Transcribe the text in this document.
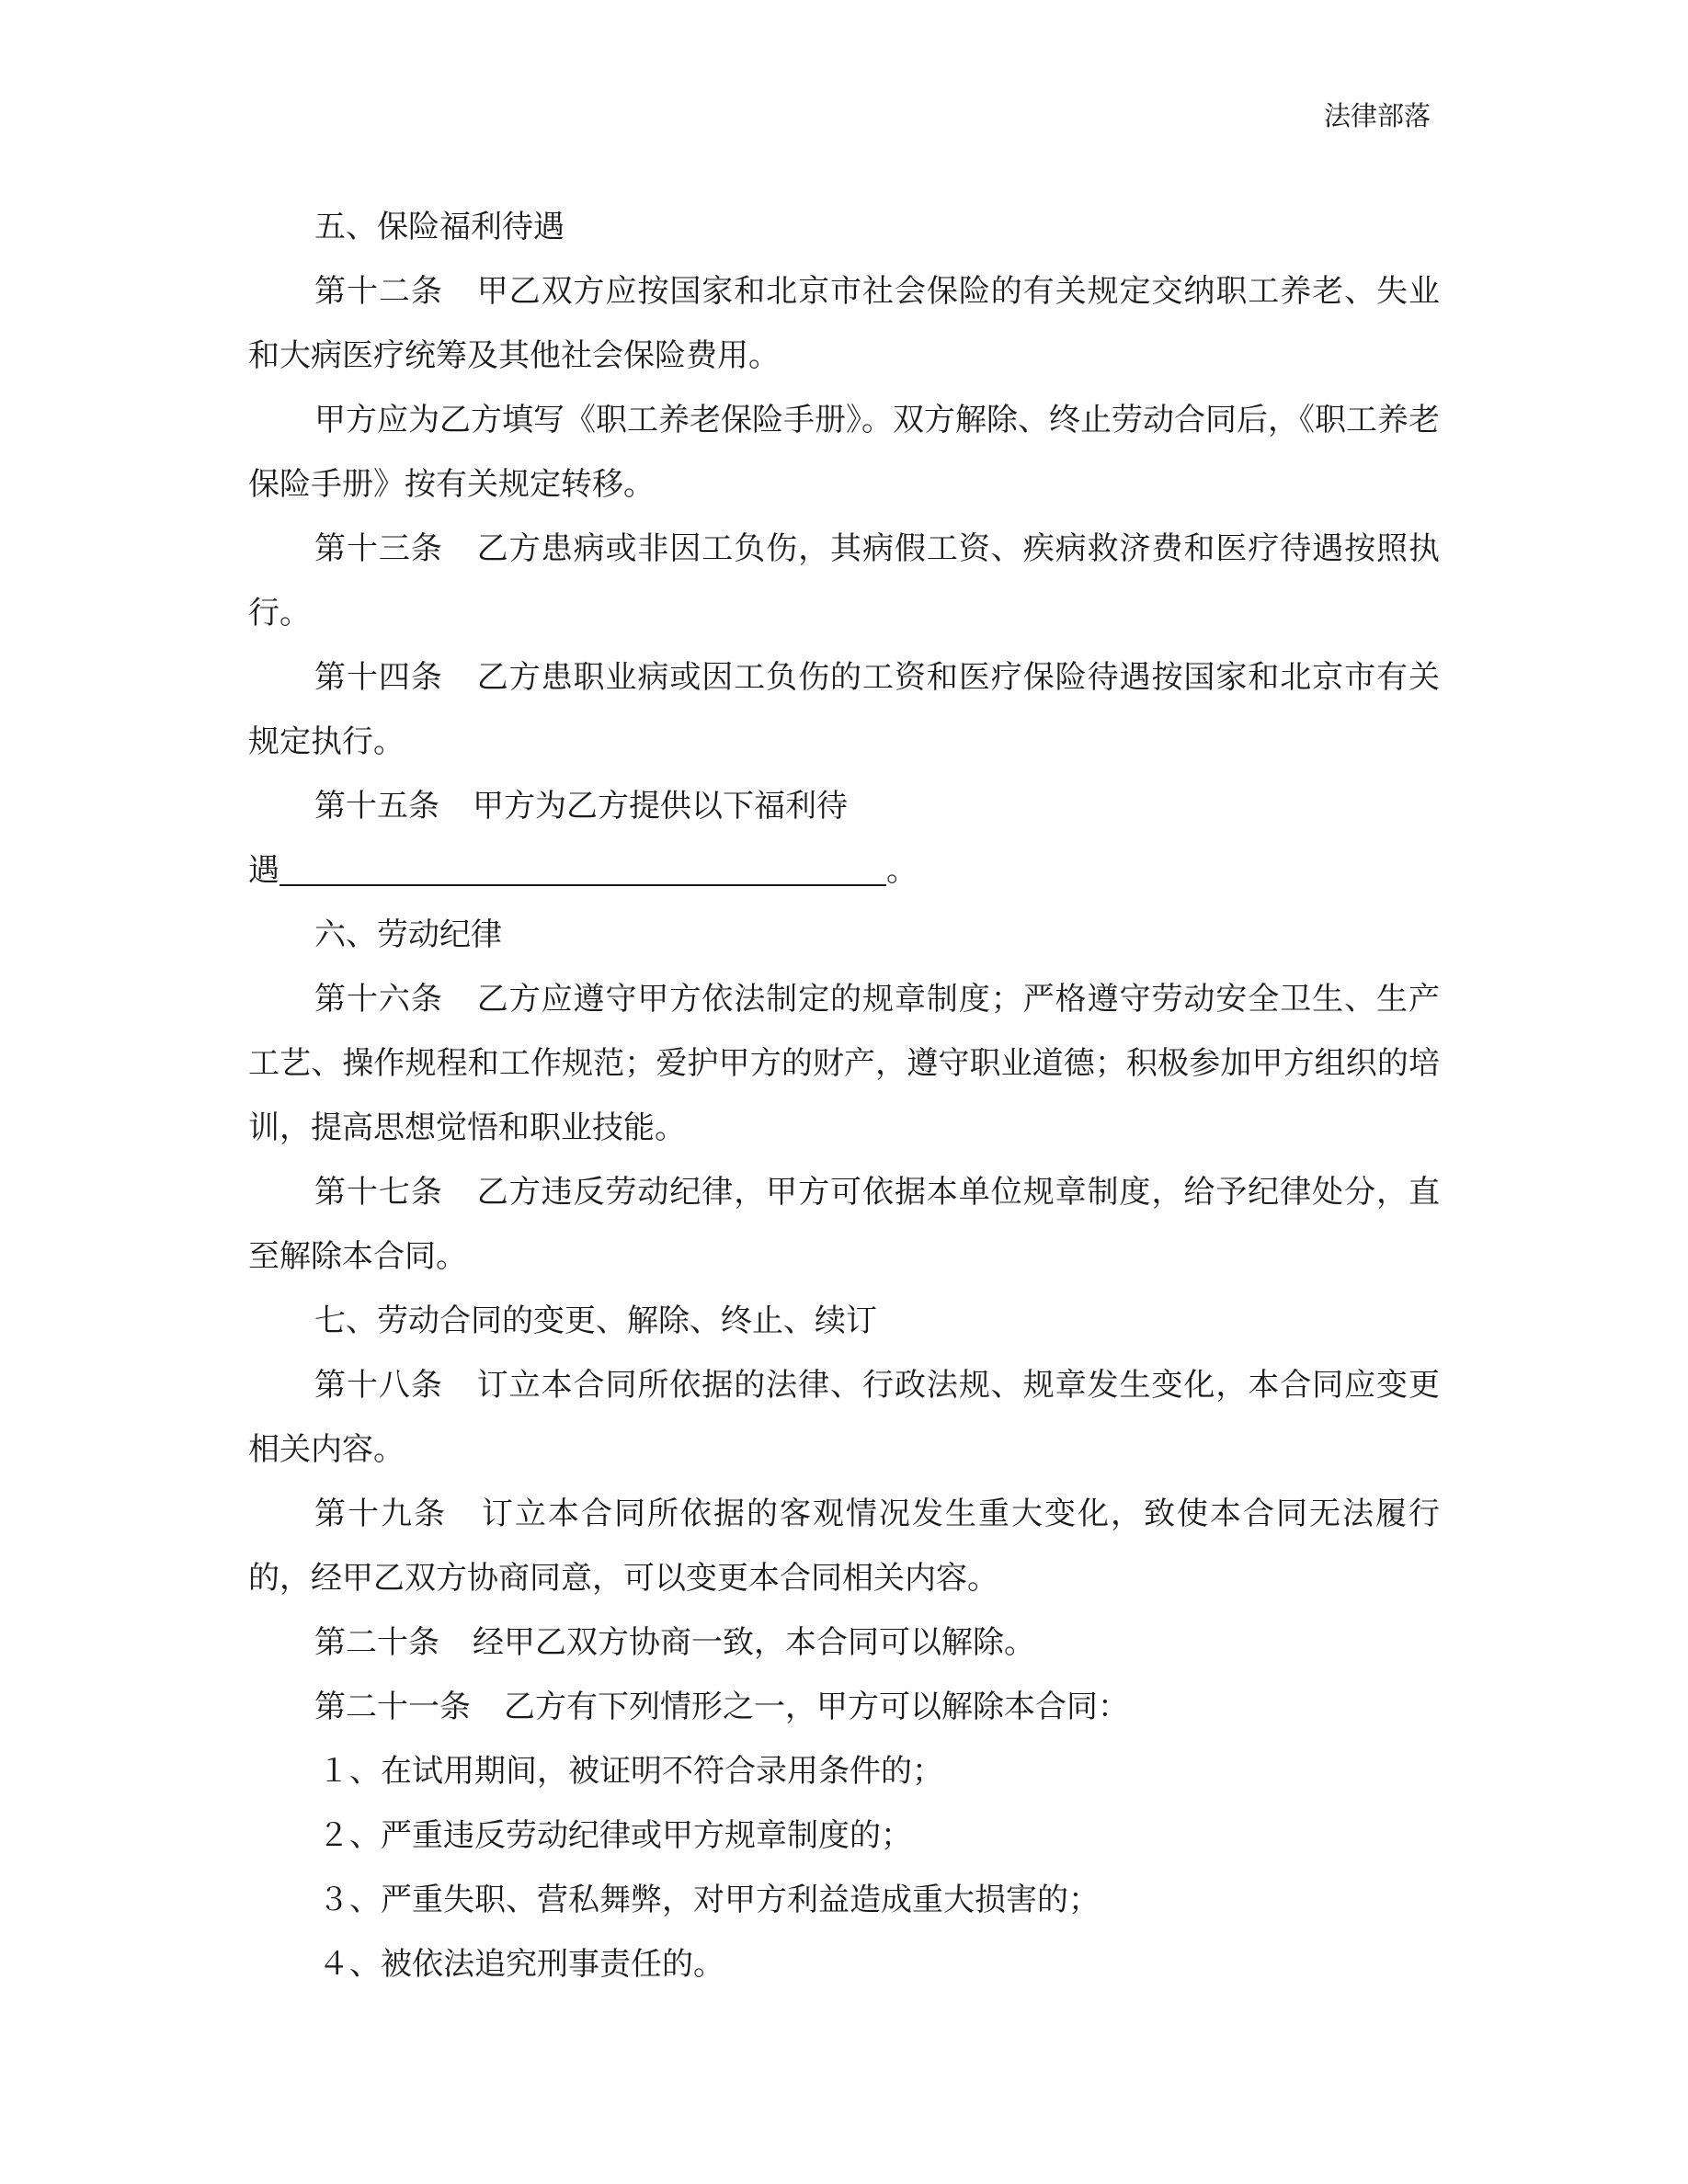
法律部落

五、保险福利待遇

第十二条 甲乙双方应按国家和北京市社会保险的有关规定交纳职工养老、失业和大病医疗统筹及其他社会保险费用。

甲方应为乙方填写《职工养老保险手册》。双方解除、终止劳动合同后，《职工养老保险手册》按有关规定转移。

第十三条 乙方患病或非因工负伤，其病假工资、疾病救济费和医疗待遇按照执行。

第十四条 乙方患职业病或因工负伤的工资和医疗保险待遇按国家和北京市有关规定执行。

第十五条 甲方为乙方提供以下福利待

遇	。

六、劳动纪律

第十六条 乙方应遵守甲方依法制定的规章制度；严格遵守劳动安全卫生、生产工艺、操作规程和工作规范；爱护甲方的财产，遵守职业道德；积极参加甲方组织的培训，提高思想觉悟和职业技能。

第十七条 乙方违反劳动纪律，甲方可依据本单位规章制度，给予纪律处分，直至解除本合同。

七、劳动合同的变更、解除、终止、续订

第十八条 订立本合同所依据的法律、行政法规、规章发生变化，本合同应变更相关内容。

第十九条 订立本合同所依据的客观情况发生重大变化，致使本合同无法履行的，经甲乙双方协商同意，可以变更本合同相关内容。

第二十条 经甲乙双方协商一致，本合同可以解除。

第二十一条 乙方有下列情形之一，甲方可以解除本合同：

１、在试用期间，被证明不符合录用条件的；

２、严重违反劳动纪律或甲方规章制度的；

３、严重失职、营私舞弊，对甲方利益造成重大损害的；

４、被依法追究刑事责任的。
